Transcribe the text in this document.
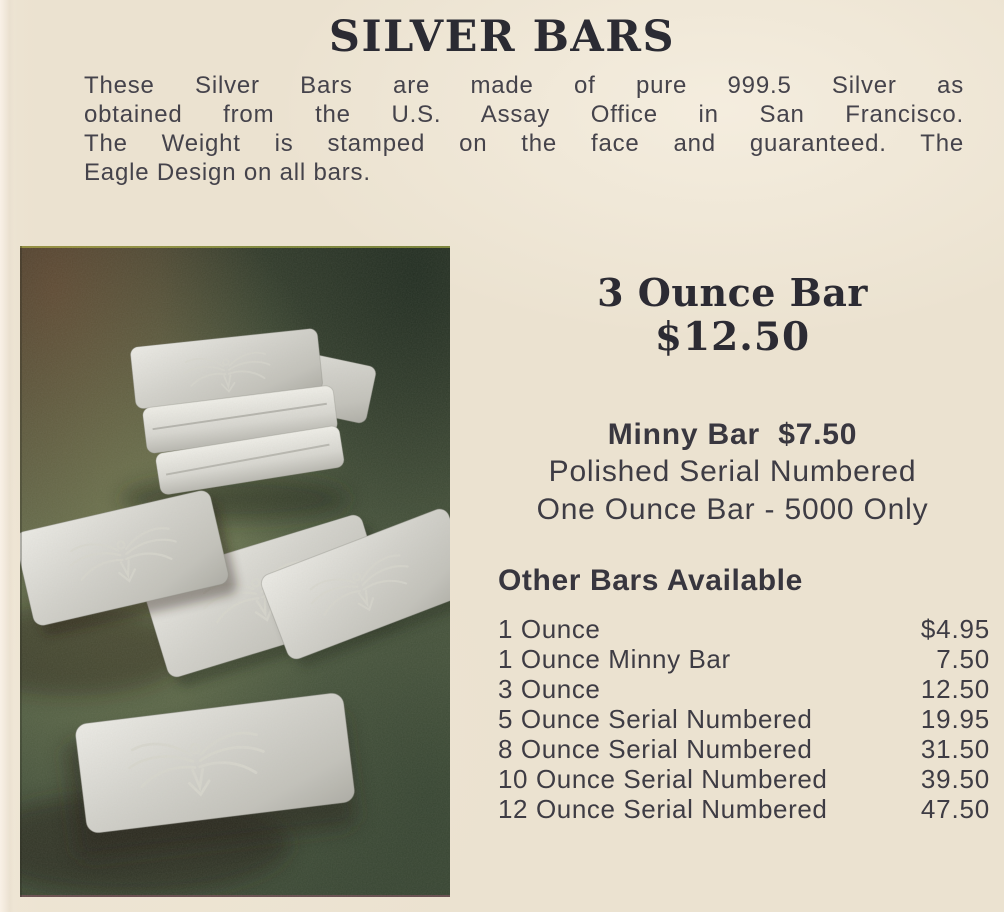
SILVER BARS
These Silver Bars are made of pure 999.5 Silver as
obtained from the U.S. Assay Office in San Francisco.
The Weight is stamped on the face and guaranteed. The
Eagle Design on all bars.
3 Ounce Bar
$12.50
Minny Bar  $7.50
Polished Serial Numbered
One Ounce Bar - 5000 Only
Other Bars Available
1 Ounce	$4.95
1 Ounce Minny Bar	7.50
3 Ounce	12.50
5 Ounce Serial Numbered	19.95
8 Ounce Serial Numbered	31.50
10 Ounce Serial Numbered	39.50
12 Ounce Serial Numbered	47.50
